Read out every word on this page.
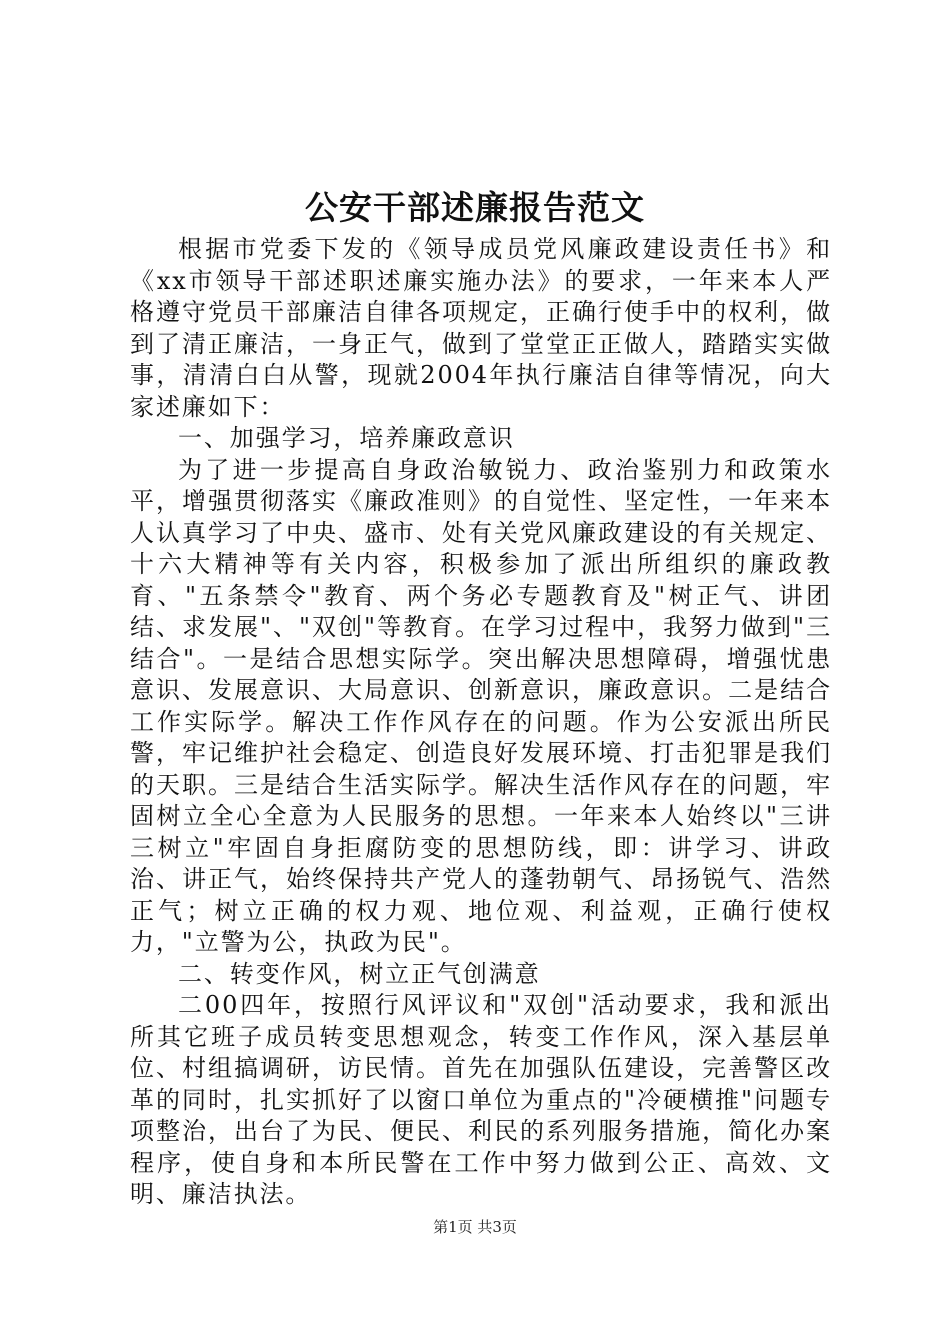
公安干部述廉报告范文

根据市党委下发的《领导成员党风廉政建设责任书》和《xx市领导干部述职述廉实施办法》的要求，一年来本人严格遵守党员干部廉洁自律各项规定，正确行使手中的权利，做到了清正廉洁，一身正气，做到了堂堂正正做人，踏踏实实做事，清清白白从警，现就2004年执行廉洁自律等情况，向大家述廉如下：

一、加强学习，培养廉政意识

为了进一步提高自身政治敏锐力、政治鉴别力和政策水平，增强贯彻落实《廉政准则》的自觉性、坚定性，一年来本人认真学习了中央、盛市、处有关党风廉政建设的有关规定、十六大精神等有关内容，积极参加了派出所组织的廉政教育、"五条禁令"教育、两个务必专题教育及"树正气、讲团结、求发展"、"双创"等教育。在学习过程中，我努力做到"三结合"。一是结合思想实际学。突出解决思想障碍，增强忧患意识、发展意识、大局意识、创新意识，廉政意识。二是结合工作实际学。解决工作作风存在的问题。作为公安派出所民警，牢记维护社会稳定、创造良好发展环境、打击犯罪是我们的天职。三是结合生活实际学。解决生活作风存在的问题，牢固树立全心全意为人民服务的思想。一年来本人始终以"三讲三树立"牢固自身拒腐防变的思想防线，即：讲学习、讲政治、讲正气，始终保持共产党人的蓬勃朝气、昂扬锐气、浩然正气；树立正确的权力观、地位观、利益观，正确行使权力，"立警为公，执政为民"。

二、转变作风，树立正气创满意

二00四年，按照行风评议和"双创"活动要求，我和派出所其它班子成员转变思想观念，转变工作作风，深入基层单位、村组搞调研，访民情。首先在加强队伍建设，完善警区改革的同时，扎实抓好了以窗口单位为重点的"冷硬横推"问题专项整治，出台了为民、便民、利民的系列服务措施，简化办案程序，使自身和本所民警在工作中努力做到公正、高效、文明、廉洁执法。

第1页 共3页
